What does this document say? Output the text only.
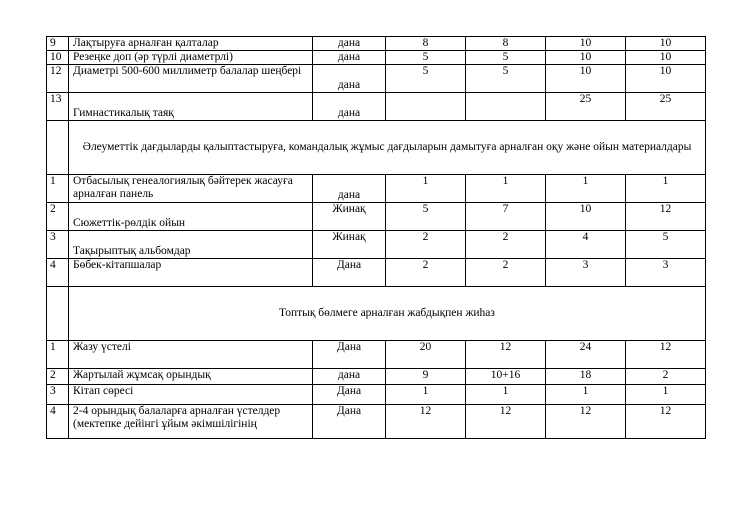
9	Лақтыруға арналған қалталар	дана	8	8	10	10
10	Резеңке доп (әр түрлі диаметрлі)	дана	5	5	10	10
12	Диаметрі 500-600 миллиметр балалар шеңбері	дана	5	5	10	10
13	Гимнастикалық таяқ	дана			25	25
	Әлеуметтік дағдыларды қалыптастыруға, командалық жұмыс дағдыларын дамытуға арналған оқу және ойын материалдары					
1	Отбасылық генеалогиялық бәйтерек жасауға арналған панель	дана	1	1	1	1
2	Сюжеттік-рөлдік ойын	Жинақ	5	7	10	12
3	Тақырыптық альбомдар	Жинақ	2	2	4	5
4	Бөбек-кітапшалар	Дана	2	2	3	3
	Топтық бөлмеге арналған жабдықпен жиһаз					
1	Жазу үстелі	Дана	20	12	24	12
2	Жартылай жұмсақ орындық	дана	9	10+16	18	2
3	Кітап сөресі	Дана	1	1	1	1
4	2-4 орындық балаларға арналған үстелдер (мектепке дейінгі ұйым әкімшілігінің	Дана	12	12	12	12
